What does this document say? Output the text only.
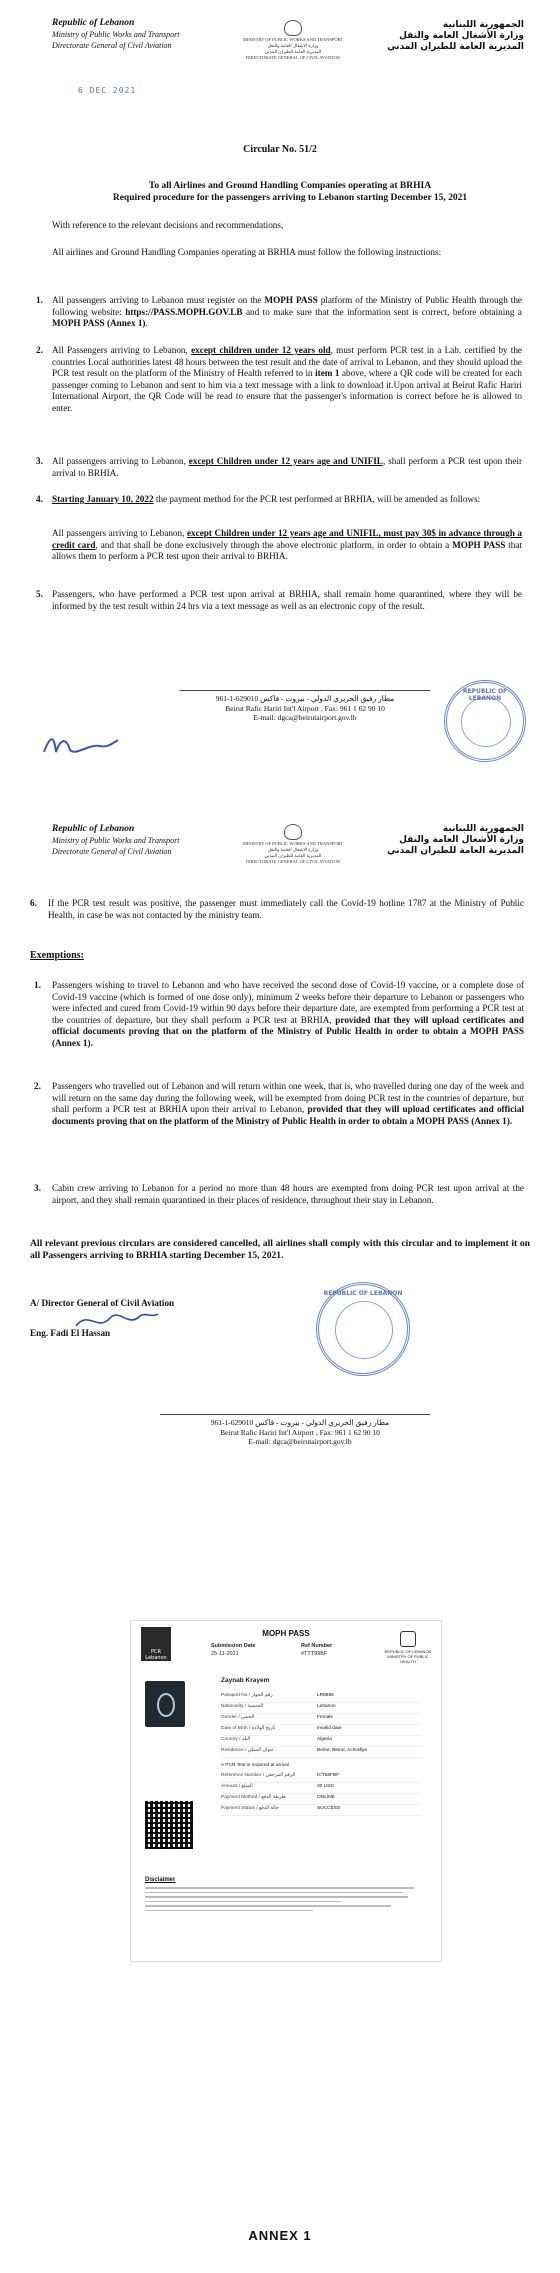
Republic of Lebanon
Ministry of Public Works and Transport
Directorate General of Civil Aviation
MINISTRY OF PUBLIC WORKS AND TRANSPORT
وزارة الاشغال العامة والنقل
المديرية العامة للطيران المدني
DIRECTORATE GENERAL OF CIVIL AVIATION
الجمهورية اللبنانية
وزارة الأشغال العامة والنقل
المديرية العامة للطيران المدني
6 DEC 2021
Circular No. 51/2
To all Airlines and Ground Handling Companies operating at BRHIA
Required procedure for the passengers arriving to Lebanon starting December 15, 2021
With reference to the relevant decisions and recommendations,
All airlines and Ground Handling Companies operating at BRHIA must follow the following instructions:
1. All passengers arriving to Lebanon must register on the MOPH PASS platform of the Ministry of Public Health through the following website: https://PASS.MOPH.GOV.LB and to make sure that the information sent is correct, before obtaining a MOPH PASS (Annex 1).
2. All Passengers arriving to Lebanon, except children under 12 years old, must perform PCR test in a Lab. certified by the countries Local authorities latest 48 hours between the test result and the date of arrival to Lebanon, and they should upload the PCR test result on the platform of the Ministry of Health referred to in item 1 above, where a QR code will be created for each passenger coming to Lebanon and sent to him via a text message with a link to download it.Upon arrival at Beirut Rafic Hariri International Airport, the QR Code will be read to ensure that the passenger's information is correct before he is allowed to enter.
3. All passengers arriving to Lebanon, except Children under 12 years age and UNIFIL, shall perform a PCR test upon their arrival to BRHIA.
4. Starting January 10, 2022 the payment method for the PCR test performed at BRHIA, will be amended as follows:
All passengers arriving to Lebanon, except Children under 12 years age and UNIFIL, must pay 30$ in advance through a credit card, and that shall be done exclusively through the above electronic platform, in order to obtain a MOPH PASS that allows them to perform a PCR test upon their arrival to BRHIA.
5. Passengers, who have performed a PCR test upon arrival at BRHIA, shall remain home quarantined, where they will be informed by the test result within 24 hrs via a text message as well as an electronic copy of the result.
961-1-629010 مطار رفيق الحريري الدولي - بيروت - فاكس
Beirut Rafic Hariri Int'l Airport , Fax: 961 1 62 90 10
E-mail: dgca@beirutairport.gov.lb
REPUBLIC OF LEBANON
Republic of Lebanon
Ministry of Public Works and Transport
Directorate General of Civil Aviation
MINISTRY OF PUBLIC WORKS AND TRANSPORT
وزارة الاشغال العامة والنقل
المديرية العامة للطيران المدني
DIRECTORATE GENERAL OF CIVIL AVIATION
الجمهورية اللبنانية
وزارة الأشغال العامة والنقل
المديرية العامة للطيران المدني
6. If the PCR test result was positive, the passenger must immediately call the Covid-19 hotline 1787 at the Ministry of Public Health, in case he was not contacted by the ministry team.
Exemptions:
1. Passengers wishing to travel to Lebanon and who have received the second dose of Covid-19 vaccine, or a complete dose of Covid-19 vaccine (which is formed of one dose only), minimum 2 weeks before their departure to Lebanon or passengers who were infected and cured from Covid-19 within 90 days before their departure date, are exempted from performing a PCR test at the countries of departure, but they shall perform a PCR test at BRHIA, provided that they will upload certificates and official documents proving that on the platform of the Ministry of Public Health in order to obtain a MOPH PASS (Annex 1).
2. Passengers who travelled out of Lebanon and will return within one week, that is, who travelled during one day of the week and will return on the same day during the following week, will be exempted from doing PCR test in the countries of departure, but shall perform a PCR test at BRHIA upon their arrival to Lebanon, provided that they will upload certificates and official documents proving that on the platform of the Ministry of Public Health in order to obtain a MOPH PASS (Annex 1).
3. Cabin crew arriving to Lebanon for a period no more than 48 hours are exempted from doing PCR test upon arrival at the airport, and they shall remain quarantined in their places of residence, throughout their stay in Lebanon.
All relevant previous circulars are considered cancelled, all airlines shall comply with this circular and to implement it on all Passengers arriving to BRHIA starting December 15, 2021.
A/ Director General of Civil Aviation
Eng. Fadi El Hassan
REPUBLIC OF LEBANON
961-1-629010 مطار رفيق الحريري الدولي - بيروت - فاكس
Beirut Rafic Hariri Int'l Airport , Fax: 961 1 62 90 10
E-mail: dgca@beirutairport.gov.lb
PCR Lebanon
MOPH PASS
Submission Date
25-11-2021
Ref Number
#TTT99BF	REPUBLIC OF LEBANON MINISTRY OF PUBLIC HEALTH
Zaynab Krayem
Passport No / رقم الجواز	LR8888
Nationality / الجنسية	Lebanon
Gender / الجنس	Female
Date of Birth / تاريخ الولادة	Invalid date
Country / البلد	Algeria
Residence / عنوان السكن	Beirut, Beirut, Achrafiye
A PCR Test is required at arrival
Reference Number / الرقم المرجعي	ICT58FBF
Amount / المبلغ	30 USD
Payment Method / طريقة الدفع	ONLINE
Payment Status / حالة الدفع	SUCCESS
Disclaimer
ANNEX 1
